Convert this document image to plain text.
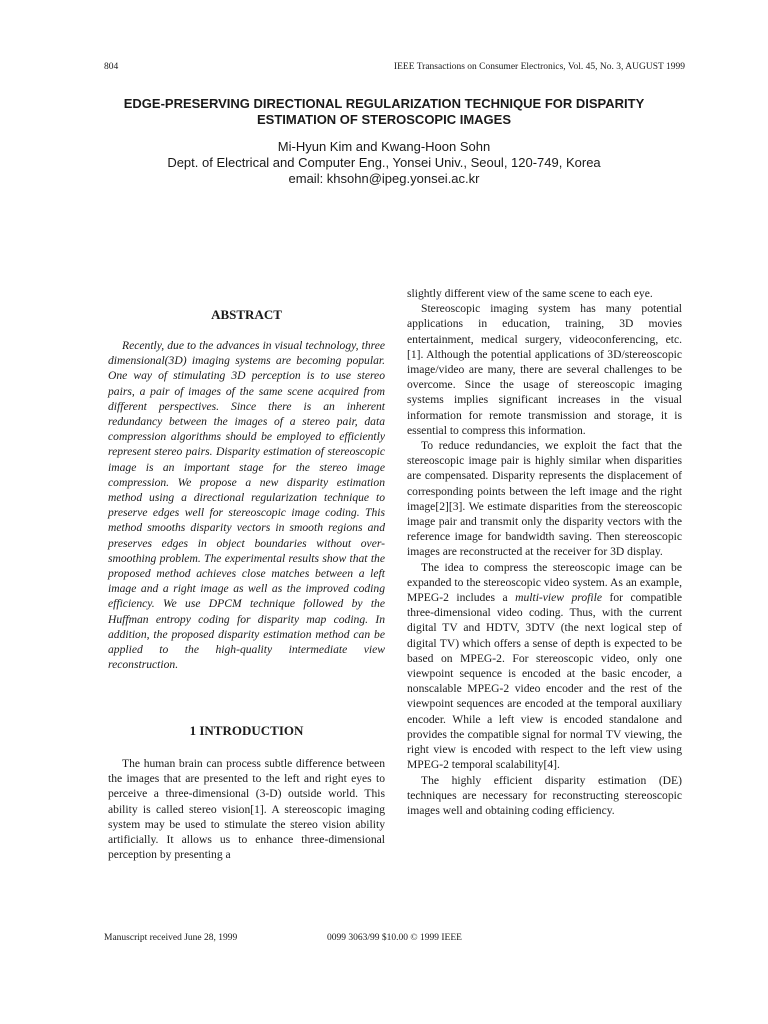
804	IEEE Transactions on Consumer Electronics, Vol. 45, No. 3, AUGUST 1999
EDGE-PRESERVING DIRECTIONAL REGULARIZATION TECHNIQUE FOR DISPARITY
ESTIMATION OF STEROSCOPIC IMAGES
Mi-Hyun Kim and Kwang-Hoon Sohn
Dept. of Electrical and Computer Eng., Yonsei Univ., Seoul, 120-749, Korea
email: khsohn@ipeg.yonsei.ac.kr
ABSTRACT

Recently, due to the advances in visual technology, three dimensional(3D) imaging systems are becoming popular. One way of stimulating 3D perception is to use stereo pairs, a pair of images of the same scene acquired from different perspectives. Since there is an inherent redundancy between the images of a stereo pair, data compression algorithms should be employed to efficiently represent stereo pairs. Disparity estimation of stereoscopic image is an important stage for the stereo image compression. We propose a new disparity estimation method using a directional regularization technique to preserve edges well for stereoscopic image coding. This method smooths disparity vectors in smooth regions and preserves edges in object boundaries without over-smoothing problem. The experimental results show that the proposed method achieves close matches between a left image and a right image as well as the improved coding efficiency. We use DPCM technique followed by the Huffman entropy coding for disparity map coding. In addition, the proposed disparity estimation method can be applied to the high-quality intermediate view reconstruction.

1 INTRODUCTION

The human brain can process subtle difference between the images that are presented to the left and right eyes to perceive a three-dimensional (3-D) outside world. This ability is called stereo vision[1]. A stereoscopic imaging system may be used to stimulate the stereo vision ability artificially. It allows us to enhance three-dimensional perception by presenting a

slightly different view of the same scene to each eye.

Stereoscopic imaging system has many potential applications in education, training, 3D movies entertainment, medical surgery, videoconferencing, etc. [1]. Although the potential applications of 3D/stereoscopic image/video are many, there are several challenges to be overcome. Since the usage of stereoscopic imaging systems implies significant increases in the visual information for remote transmission and storage, it is essential to compress this information.

To reduce redundancies, we exploit the fact that the stereoscopic image pair is highly similar when disparities are compensated. Disparity represents the displacement of corresponding points between the left image and the right image[2][3]. We estimate disparities from the stereoscopic image pair and transmit only the disparity vectors with the reference image for bandwidth saving. Then stereoscopic images are reconstructed at the receiver for 3D display.

The idea to compress the stereoscopic image can be expanded to the stereoscopic video system. As an example, MPEG-2 includes a multi-view profile for compatible three-dimensional video coding. Thus, with the current digital TV and HDTV, 3DTV (the next logical step of digital TV) which offers a sense of depth is expected to be based on MPEG-2. For stereoscopic video, only one viewpoint sequence is encoded at the basic encoder, a nonscalable MPEG-2 video encoder and the rest of the viewpoint sequences are encoded at the temporal auxiliary encoder. While a left view is encoded standalone and provides the compatible signal for normal TV viewing, the right view is encoded with respect to the left view using MPEG-2 temporal scalability[4].

The highly efficient disparity estimation (DE) techniques are necessary for reconstructing stereoscopic images well and obtaining coding efficiency.

Manuscript received June 28, 1999	0099 3063/99 $10.00 © 1999 IEEE
